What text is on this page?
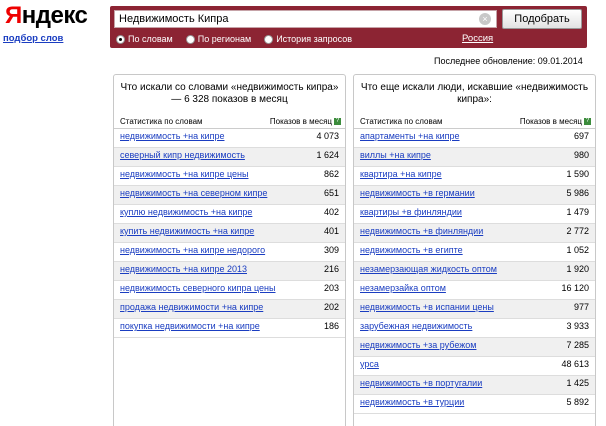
Яндекс
подбор слов
Недвижимость Кипра
×	Подобрать
По словам	По регионам	История запросов	Россия
Последнее обновление: 09.01.2014
Что искали со словами «недвижимость кипра» — 6 328 показов в месяц
Статистика по словам	Показов в месяц ?
недвижимость +на кипре	4 073
северный кипр недвижимость	1 624
недвижимость +на кипре цены	862
недвижимость +на северном кипре	651
куплю недвижимость +на кипре	402
купить недвижимость +на кипре	401
недвижимость +на кипре недорого	309
недвижимость +на кипре 2013	216
недвижимость северного кипра цены	203
продажа недвижимости +на кипре	202
покупка недвижимости +на кипре	186
Что еще искали люди, искавшие «недвижимость кипра»:
Статистика по словам	Показов в месяц ?
апартаменты +на кипре	697
виллы +на кипре	980
квартира +на кипре	1 590
недвижимость +в германии	5 986
квартиры +в финляндии	1 479
недвижимость +в финляндии	2 772
недвижимость +в египте	1 052
незамерзающая жидкость оптом	1 920
незамерзайка оптом	16 120
недвижимость +в испании цены	977
зарубежная недвижимость	3 933
недвижимость +за рубежом	7 285
урса	48 613
недвижимость +в португалии	1 425
недвижимость +в турции	5 892
